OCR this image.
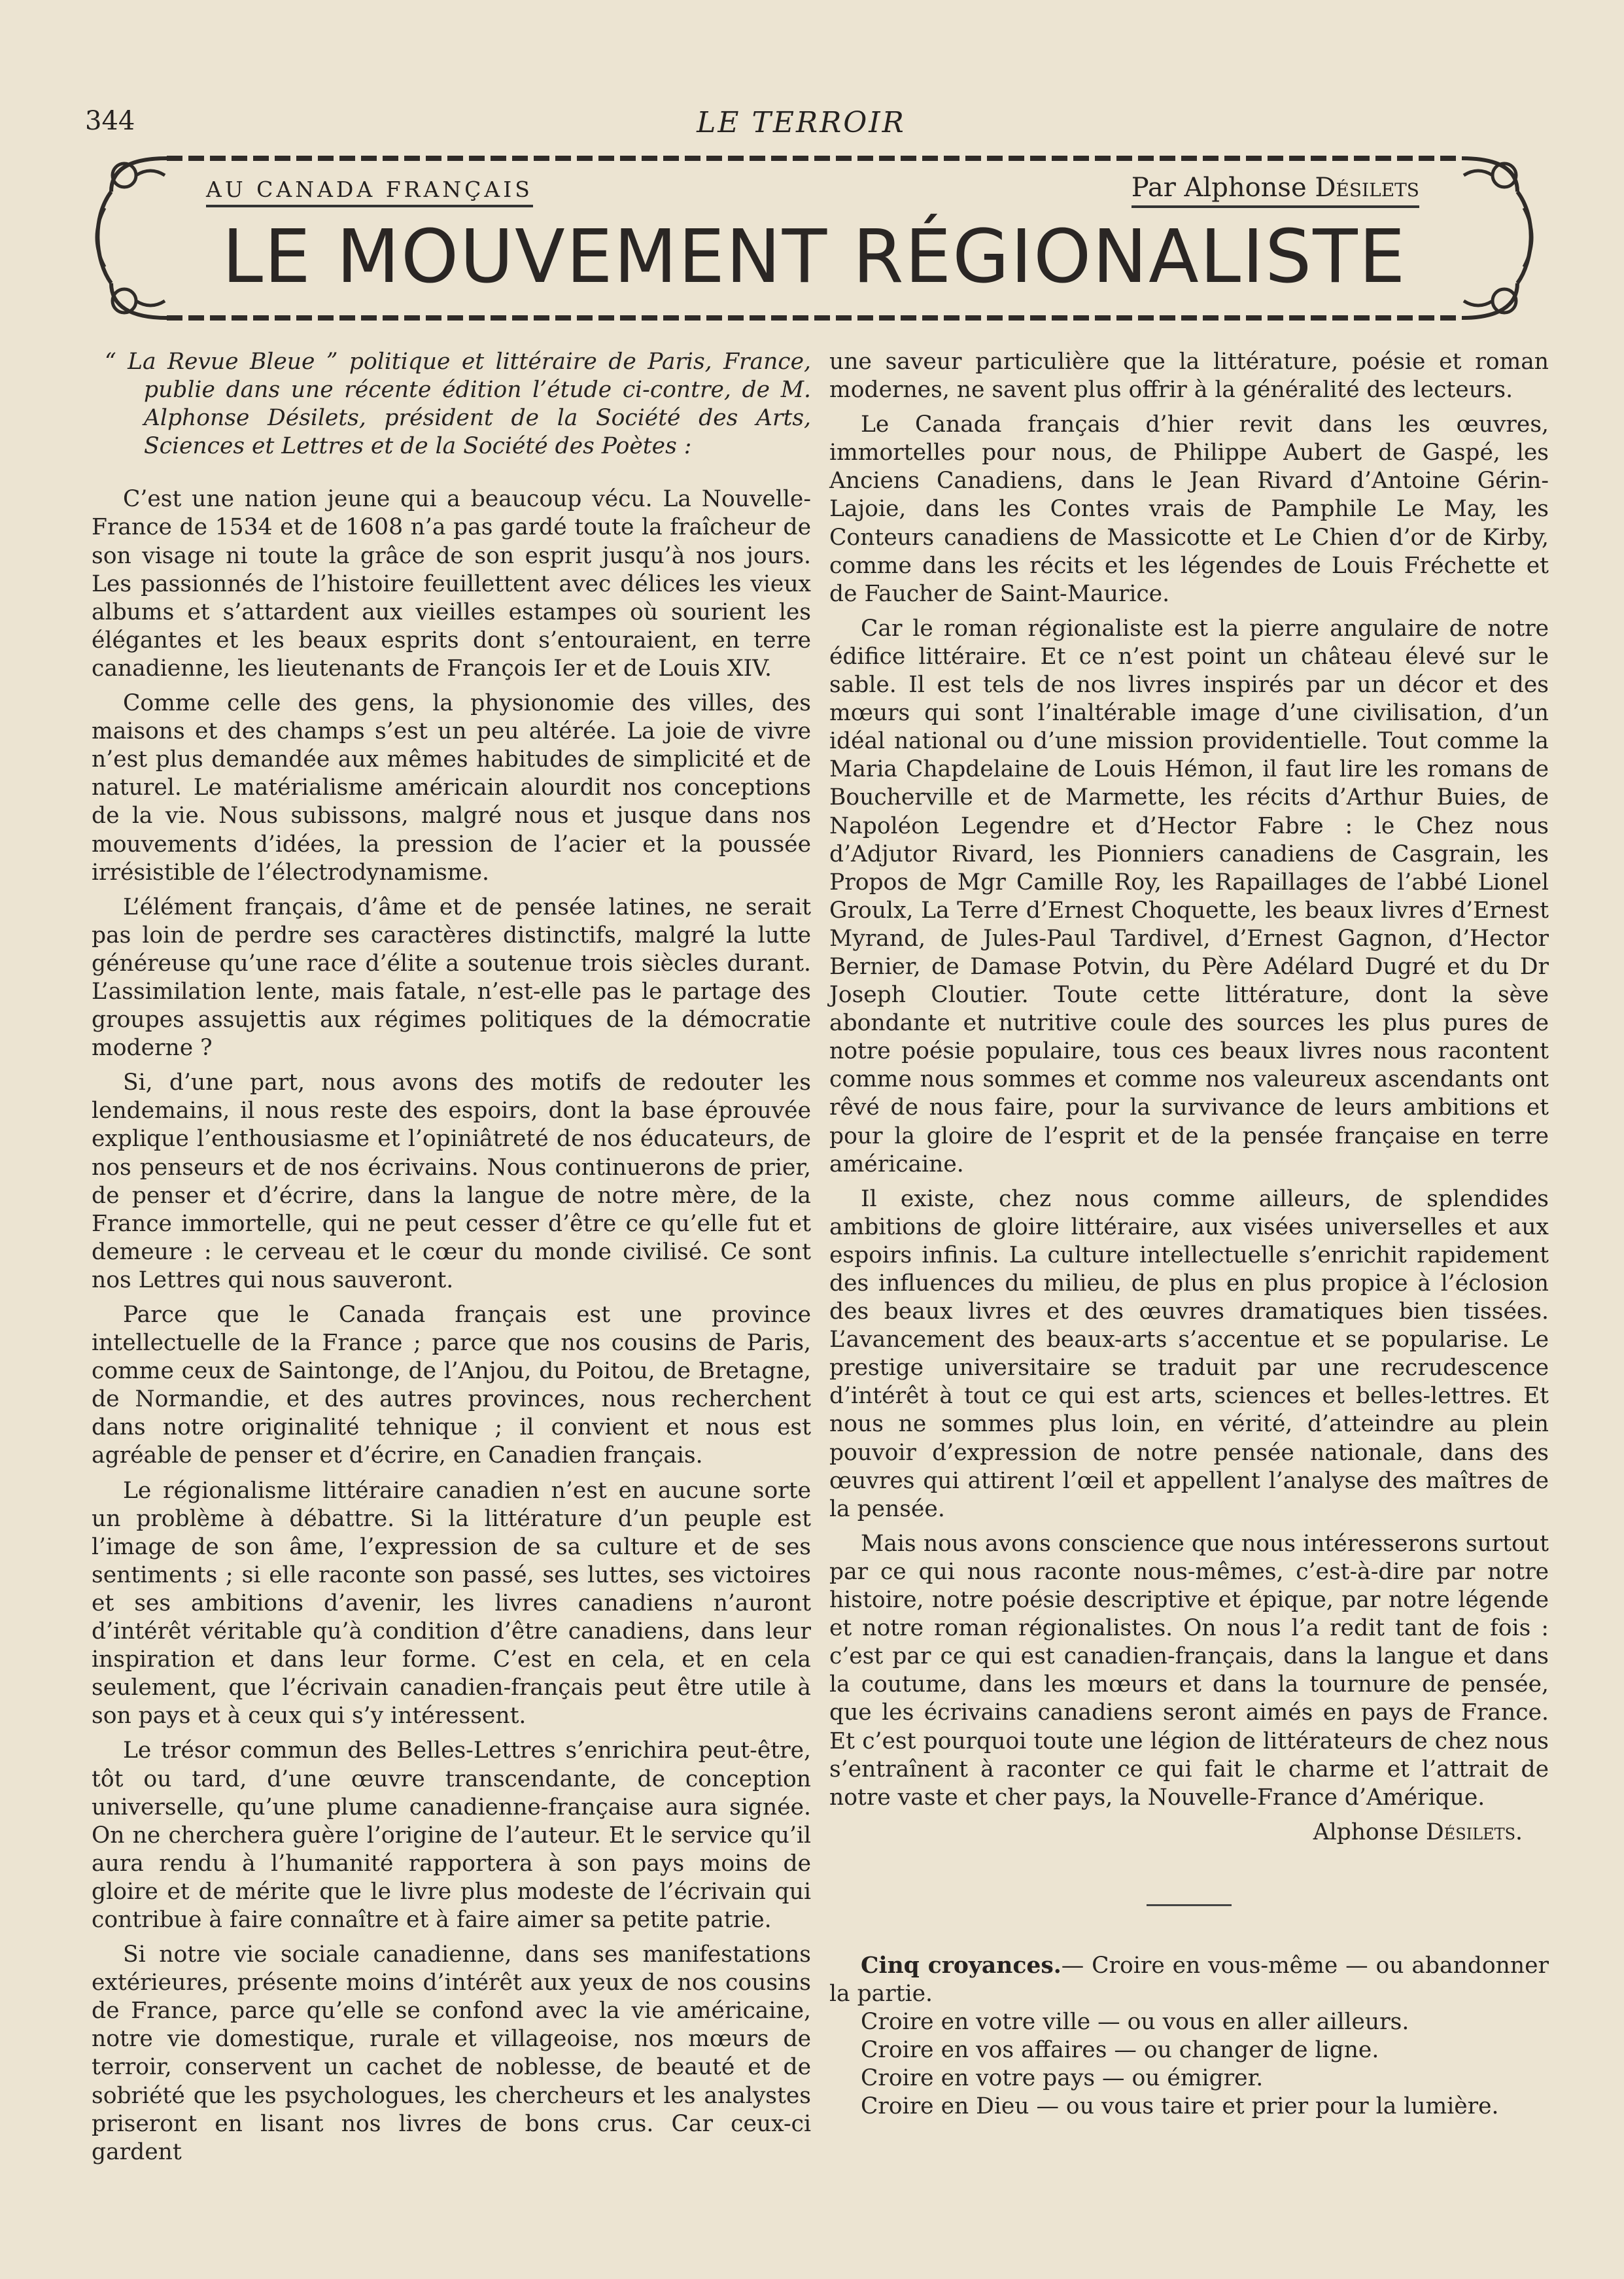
344	LE TERROIR
AU CANADA FRANÇAIS	Par Alphonse Désilets
LE MOUVEMENT RÉGIONALISTE

“ La Revue Bleue ” politique et littéraire de Paris, France, publie dans une récente édition l’étude ci-contre, de M. Alphonse Désilets, président de la Société des Arts, Sciences et Lettres et de la Société des Poètes :

C’est une nation jeune qui a beaucoup vécu. La Nouvelle-France de 1534 et de 1608 n’a pas gardé toute la fraîcheur de son visage ni toute la grâce de son esprit jusqu’à nos jours. Les passionnés de l’histoire feuillettent avec délices les vieux albums et s’attardent aux vieilles estampes où sourient les élégantes et les beaux esprits dont s’entouraient, en terre canadienne, les lieutenants de François Ier et de Louis XIV.

Comme celle des gens, la physionomie des villes, des maisons et des champs s’est un peu altérée. La joie de vivre n’est plus demandée aux mêmes habitudes de simplicité et de naturel. Le matérialisme américain alourdit nos conceptions de la vie. Nous subissons, malgré nous et jusque dans nos mouvements d’idées, la pression de l’acier et la poussée irrésistible de l’électrodynamisme.

L’élément français, d’âme et de pensée latines, ne serait pas loin de perdre ses caractères distinctifs, malgré la lutte généreuse qu’une race d’élite a soutenue trois siècles durant. L’assimilation lente, mais fatale, n’est-elle pas le partage des groupes assujettis aux régimes politiques de la démocratie moderne ?

Si, d’une part, nous avons des motifs de redouter les lendemains, il nous reste des espoirs, dont la base éprouvée explique l’enthousiasme et l’opiniâtreté de nos éducateurs, de nos penseurs et de nos écrivains. Nous continuerons de prier, de penser et d’écrire, dans la langue de notre mère, de la France immortelle, qui ne peut cesser d’être ce qu’elle fut et demeure : le cerveau et le cœur du monde civilisé. Ce sont nos Lettres qui nous sauveront.

Parce que le Canada français est une province intellectuelle de la France ; parce que nos cousins de Paris, comme ceux de Saintonge, de l’Anjou, du Poitou, de Bretagne, de Normandie, et des autres provinces, nous recherchent dans notre originalité tehnique ; il convient et nous est agréable de penser et d’écrire, en Canadien français.

Le régionalisme littéraire canadien n’est en aucune sorte un problème à débattre. Si la littérature d’un peuple est l’image de son âme, l’expression de sa culture et de ses sentiments ; si elle raconte son passé, ses luttes, ses victoires et ses ambitions d’avenir, les livres canadiens n’auront d’intérêt véritable qu’à condition d’être canadiens, dans leur inspiration et dans leur forme. C’est en cela, et en cela seulement, que l’écrivain canadien-français peut être utile à son pays et à ceux qui s’y intéressent.

Le trésor commun des Belles-Lettres s’enrichira peut-être, tôt ou tard, d’une œuvre transcendante, de conception universelle, qu’une plume canadienne-française aura signée. On ne cherchera guère l’origine de l’auteur. Et le service qu’il aura rendu à l’humanité rapportera à son pays moins de gloire et de mérite que le livre plus modeste de l’écrivain qui contribue à faire connaître et à faire aimer sa petite patrie.

Si notre vie sociale canadienne, dans ses manifestations extérieures, présente moins d’intérêt aux yeux de nos cousins de France, parce qu’elle se confond avec la vie américaine, notre vie domestique, rurale et villageoise, nos mœurs de terroir, conservent un cachet de noblesse, de beauté et de sobriété que les psychologues, les chercheurs et les analystes priseront en lisant nos livres de bons crus. Car ceux-ci gardent

une saveur particulière que la littérature, poésie et roman modernes, ne savent plus offrir à la généralité des lecteurs.

Le Canada français d’hier revit dans les œuvres, immortelles pour nous, de Philippe Aubert de Gaspé, les Anciens Canadiens, dans le Jean Rivard d’Antoine Gérin-Lajoie, dans les Contes vrais de Pamphile Le May, les Conteurs canadiens de Massicotte et Le Chien d’or de Kirby, comme dans les récits et les légendes de Louis Fréchette et de Faucher de Saint-Maurice.

Car le roman régionaliste est la pierre angulaire de notre édifice littéraire. Et ce n’est point un château élevé sur le sable. Il est tels de nos livres inspirés par un décor et des mœurs qui sont l’inaltérable image d’une civilisation, d’un idéal national ou d’une mission providentielle. Tout comme la Maria Chapdelaine de Louis Hémon, il faut lire les romans de Boucherville et de Marmette, les récits d’Arthur Buies, de Napoléon Legendre et d’Hector Fabre : le Chez nous d’Adjutor Rivard, les Pionniers canadiens de Casgrain, les Propos de Mgr Camille Roy, les Rapaillages de l’abbé Lionel Groulx, La Terre d’Ernest Choquette, les beaux livres d’Ernest Myrand, de Jules-Paul Tardivel, d’Ernest Gagnon, d’Hector Bernier, de Damase Potvin, du Père Adélard Dugré et du Dr Joseph Cloutier. Toute cette littérature, dont la sève abondante et nutritive coule des sources les plus pures de notre poésie populaire, tous ces beaux livres nous racontent comme nous sommes et comme nos valeureux ascendants ont rêvé de nous faire, pour la survivance de leurs ambitions et pour la gloire de l’esprit et de la pensée française en terre américaine.

Il existe, chez nous comme ailleurs, de splendides ambitions de gloire littéraire, aux visées universelles et aux espoirs infinis. La culture intellectuelle s’enrichit rapidement des influences du milieu, de plus en plus propice à l’éclosion des beaux livres et des œuvres dramatiques bien tissées. L’avancement des beaux-arts s’accentue et se popularise. Le prestige universitaire se traduit par une recrudescence d’intérêt à tout ce qui est arts, sciences et belles-lettres. Et nous ne sommes plus loin, en vérité, d’atteindre au plein pouvoir d’expression de notre pensée nationale, dans des œuvres qui attirent l’œil et appellent l’analyse des maîtres de la pensée.

Mais nous avons conscience que nous intéresserons surtout par ce qui nous raconte nous-mêmes, c’est-à-dire par notre histoire, notre poésie descriptive et épique, par notre légende et notre roman régionalistes. On nous l’a redit tant de fois : c’est par ce qui est canadien-français, dans la langue et dans la coutume, dans les mœurs et dans la tournure de pensée, que les écrivains canadiens seront aimés en pays de France. Et c’est pourquoi toute une légion de littérateurs de chez nous s’entraînent à raconter ce qui fait le charme et l’attrait de notre vaste et cher pays, la Nouvelle-France d’Amérique.

Alphonse Désilets.

Cinq croyances.— Croire en vous-même — ou abandonner la partie.

Croire en votre ville — ou vous en aller ailleurs.

Croire en vos affaires — ou changer de ligne.

Croire en votre pays — ou émigrer.

Croire en Dieu — ou vous taire et prier pour la lumière.
